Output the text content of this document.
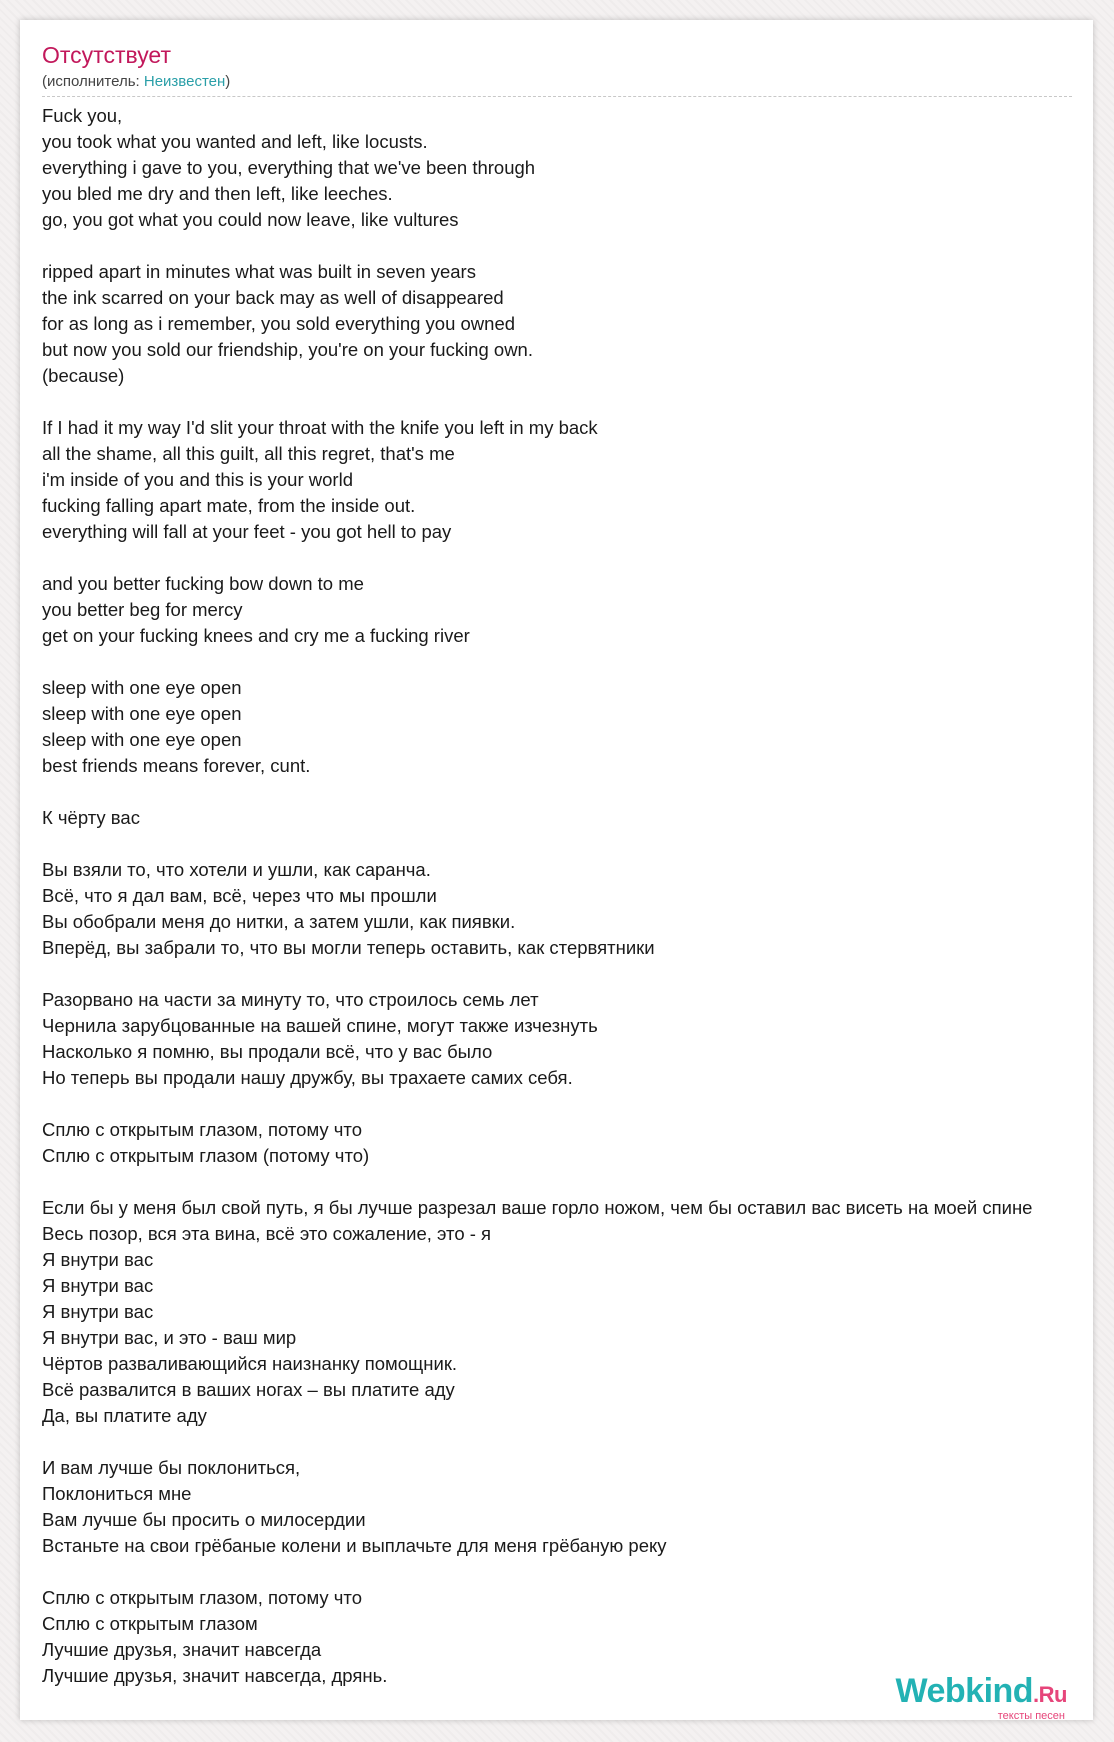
Отсутствует
(исполнитель: Неизвестен)
Fuck you,
you took what you wanted and left, like locusts.
everything i gave to you, everything that we've been through
you bled me dry and then left, like leeches.
go, you got what you could now leave, like vultures
ripped apart in minutes what was built in seven years
the ink scarred on your back may as well of disappeared
for as long as i remember, you sold everything you owned
but now you sold our friendship, you're on your fucking own.
(because)
If I had it my way I'd slit your throat with the knife you left in my back
all the shame, all this guilt, all this regret, that's me
i'm inside of you and this is your world
fucking falling apart mate, from the inside out.
everything will fall at your feet - you got hell to pay
and you better fucking bow down to me
you better beg for mercy
get on your fucking knees and cry me a fucking river
sleep with one eye open
sleep with one eye open
sleep with one eye open
best friends means forever, cunt.
К чёрту вас
Вы взяли то, что хотели и ушли, как саранча.
Всё, что я дал вам, всё, через что мы прошли
Вы обобрали меня до нитки, а затем ушли, как пиявки.
Вперёд, вы забрали то, что вы могли теперь оставить, как стервятники
Разорвано на части за минуту то, что строилось семь лет
Чернила зарубцованные на вашей спине, могут также изчезнуть
Насколько я помню, вы продали всё, что у вас было
Но теперь вы продали нашу дружбу, вы трахаете самих себя.
Сплю с открытым глазом, потому что
Сплю с открытым глазом (потому что)
Если бы у меня был свой путь, я бы лучше разрезал ваше горло ножом, чем бы оставил вас висеть на моей спине
Весь позор, вся эта вина, всё это сожаление, это - я
Я внутри вас
Я внутри вас
Я внутри вас
Я внутри вас, и это - ваш мир
Чёртов разваливающийся наизнанку помощник.
Всё развалится в ваших ногах – вы платите аду
Да, вы платите аду
И вам лучше бы поклониться,
Поклониться мне
Вам лучше бы просить о милосердии
Встаньте на свои грёбаные колени и выплачьте для меня грёбаную реку
Сплю с открытым глазом, потому что
Сплю с открытым глазом
Лучшие друзья, значит навсегда
Лучшие друзья, значит навсегда, дрянь.	Webkind.Ru
тексты песен
